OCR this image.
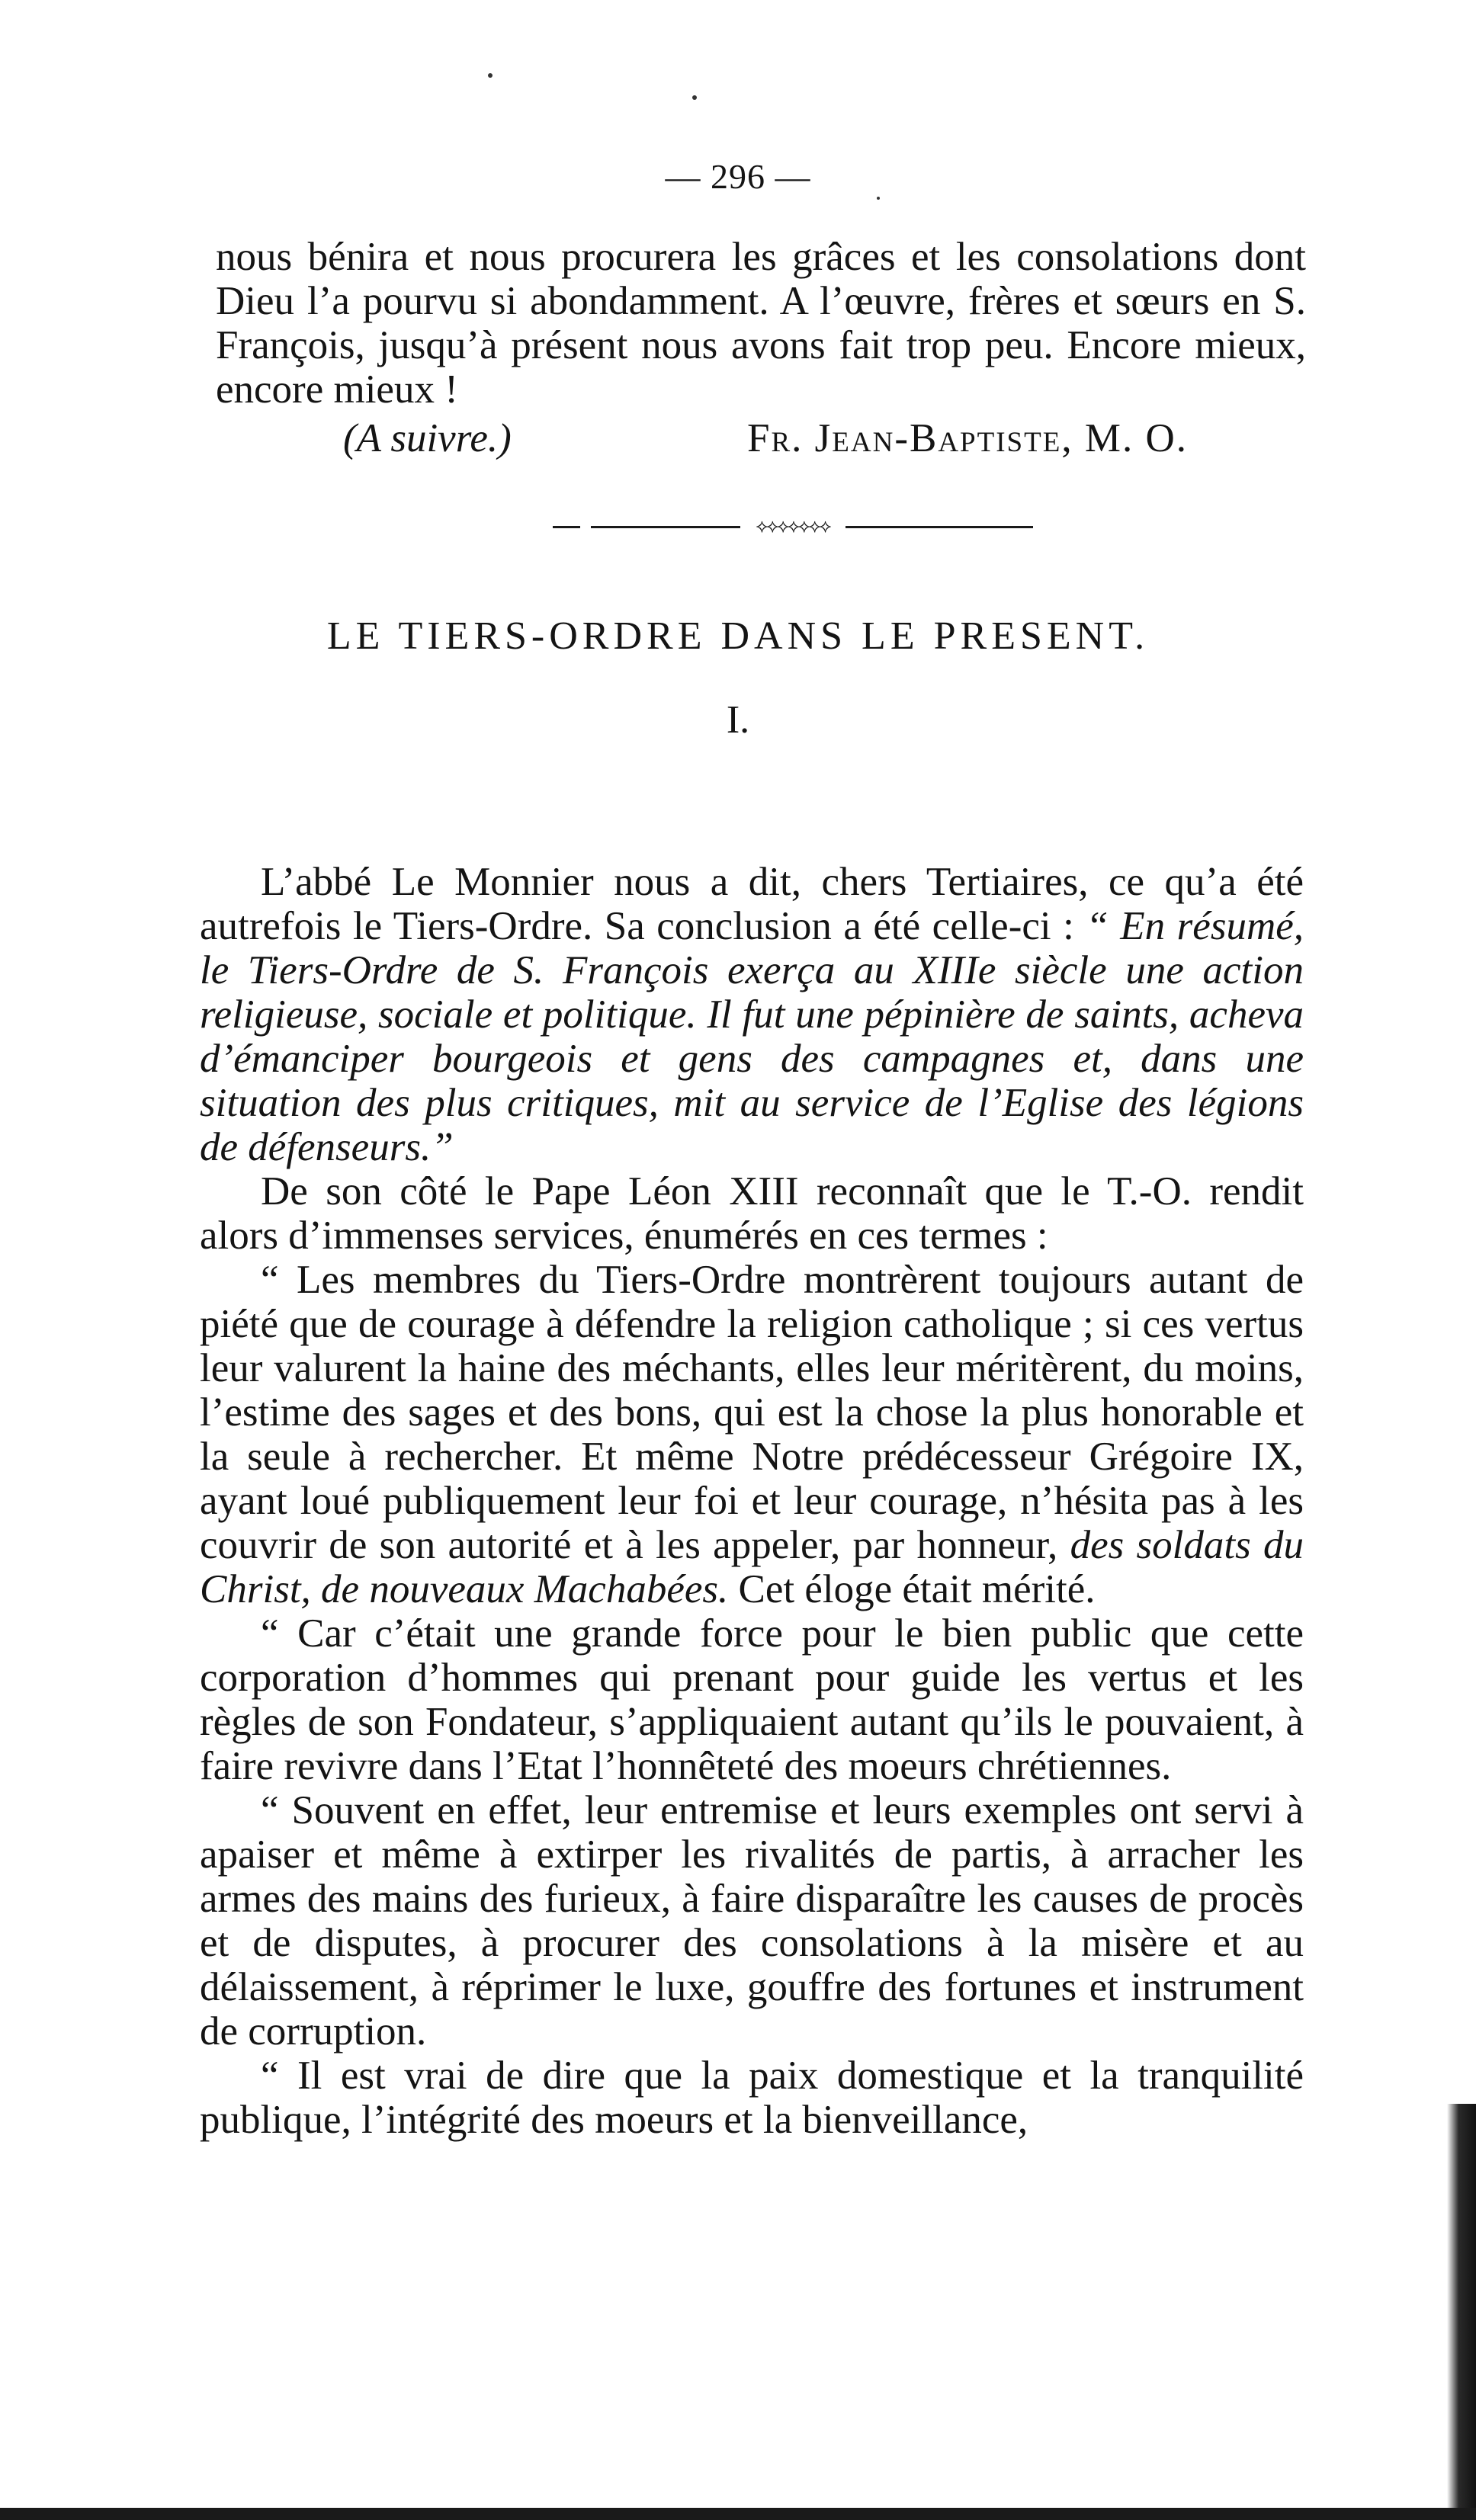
— 296 —

nous bénira et nous procurera les grâces et les consolations dont Dieu l’a pourvu si abondamment. A l’œuvre, frères et sœurs en S. François, jusqu’à présent nous avons fait trop peu. Encore mieux, encore mieux !

(A suivre.)	Fr. Jean-Baptiste, M. O.
⟡⟡⟡⟡⟡⟡⟡
LE TIERS-ORDRE DANS LE PRESENT.
I.

L’abbé Le Monnier nous a dit, chers Tertiaires, ce qu’a été autrefois le Tiers-Ordre. Sa conclusion a été celle-ci : “ En résumé, le Tiers-Ordre de S. François exerça au XIIIe siècle une action religieuse, sociale et politique. Il fut une pépinière de saints, acheva d’émanciper bourgeois et gens des campagnes et, dans une situation des plus critiques, mit au service de l’Eglise des légions de défenseurs.”

De son côté le Pape Léon XIII reconnaît que le T.-O. rendit alors d’immenses services, énumérés en ces termes :

“ Les membres du Tiers-Ordre montrèrent toujours autant de piété que de courage à défendre la religion catholique ; si ces vertus leur valurent la haine des méchants, elles leur méritèrent, du moins, l’estime des sages et des bons, qui est la chose la plus honorable et la seule à rechercher. Et même Notre prédécesseur Grégoire IX, ayant loué publiquement leur foi et leur courage, n’hésita pas à les couvrir de son autorité et à les appeler, par honneur, des soldats du Christ, de nouveaux Machabées. Cet éloge était mérité.

“ Car c’était une grande force pour le bien public que cette corporation d’hommes qui prenant pour guide les vertus et les règles de son Fondateur, s’appliquaient autant qu’ils le pouvaient, à faire revivre dans l’Etat l’honnêteté des moeurs chrétiennes.

“ Souvent en effet, leur entremise et leurs exemples ont servi à apaiser et même à extirper les rivalités de partis, à arracher les armes des mains des furieux, à faire disparaître les causes de procès et de disputes, à procurer des consolations à la misère et au délaissement, à réprimer le luxe, gouffre des fortunes et instrument de corruption.

“ Il est vrai de dire que la paix domestique et la tranquilité publique, l’intégrité des moeurs et la bienveillance,
